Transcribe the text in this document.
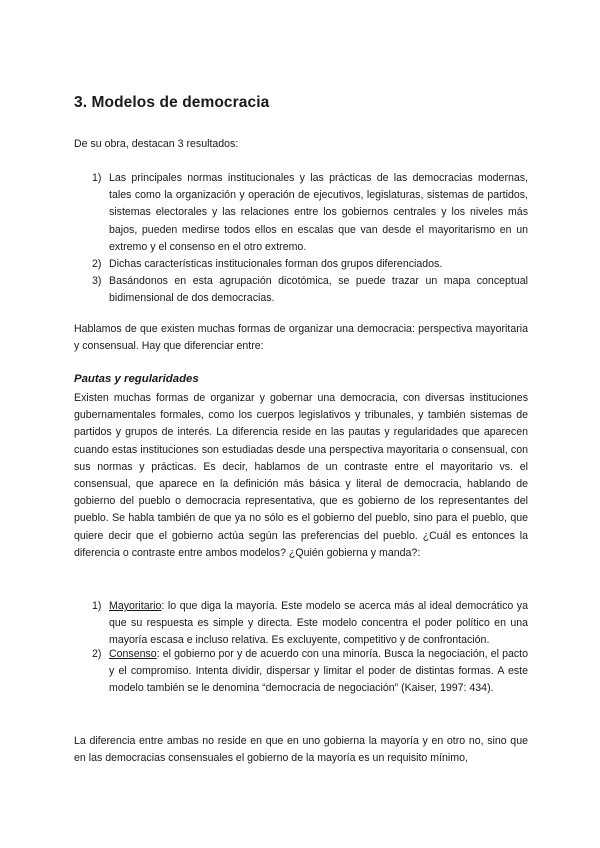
3. Modelos de democracia

De su obra, destacan 3 resultados:

1) Las principales normas institucionales y las prácticas de las democracias modernas, tales como la organización y operación de ejecutivos, legislaturas, sistemas de partidos, sistemas electorales y las relaciones entre los gobiernos centrales y los niveles más bajos, pueden medirse todos ellos en escalas que van desde el mayoritarismo en un extremo y el consenso en el otro extremo.

2) Dichas características institucionales forman dos grupos diferenciados.

3) Basándonos en esta agrupación dicotómica, se puede trazar un mapa conceptual bidimensional de dos democracias.

Hablamos de que existen muchas formas de organizar una democracia: perspectiva mayoritaria y consensual. Hay que diferenciar entre:

Pautas y regularidades

Existen muchas formas de organizar y gobernar una democracia, con diversas instituciones gubernamentales formales, como los cuerpos legislativos y tribunales, y también sistemas de partidos y grupos de interés. La diferencia reside en las pautas y regularidades que aparecen cuando estas instituciones son estudiadas desde una perspectiva mayoritaria o consensual, con sus normas y prácticas. Es decir, hablamos de un contraste entre el mayoritario vs. el consensual, que aparece en la definición más básica y literal de democracia, hablando de gobierno del pueblo o democracia representativa, que es gobierno de los representantes del pueblo. Se habla también de que ya no sólo es el gobierno del pueblo, sino para el pueblo, que quiere decir que el gobierno actúa según las preferencias del pueblo. ¿Cuál es entonces la diferencia o contraste entre ambos modelos? ¿Quién gobierna y manda?:

1) Mayoritario: lo que diga la mayoría. Este modelo se acerca más al ideal democrático ya que su respuesta es simple y directa. Este modelo concentra el poder político en una mayoría escasa e incluso relativa. Es excluyente, competitivo y de confrontación.

2) Consenso: el gobierno por y de acuerdo con una minoría. Busca la negociación, el pacto y el compromiso. Intenta dividir, dispersar y limitar el poder de distintas formas. A este modelo también se le denomina “democracia de negociación” (Kaiser, 1997: 434).

La diferencia entre ambas no reside en que en uno gobierna la mayoría y en otro no, sino que en las democracias consensuales el gobierno de la mayoría es un requisito mínimo,
